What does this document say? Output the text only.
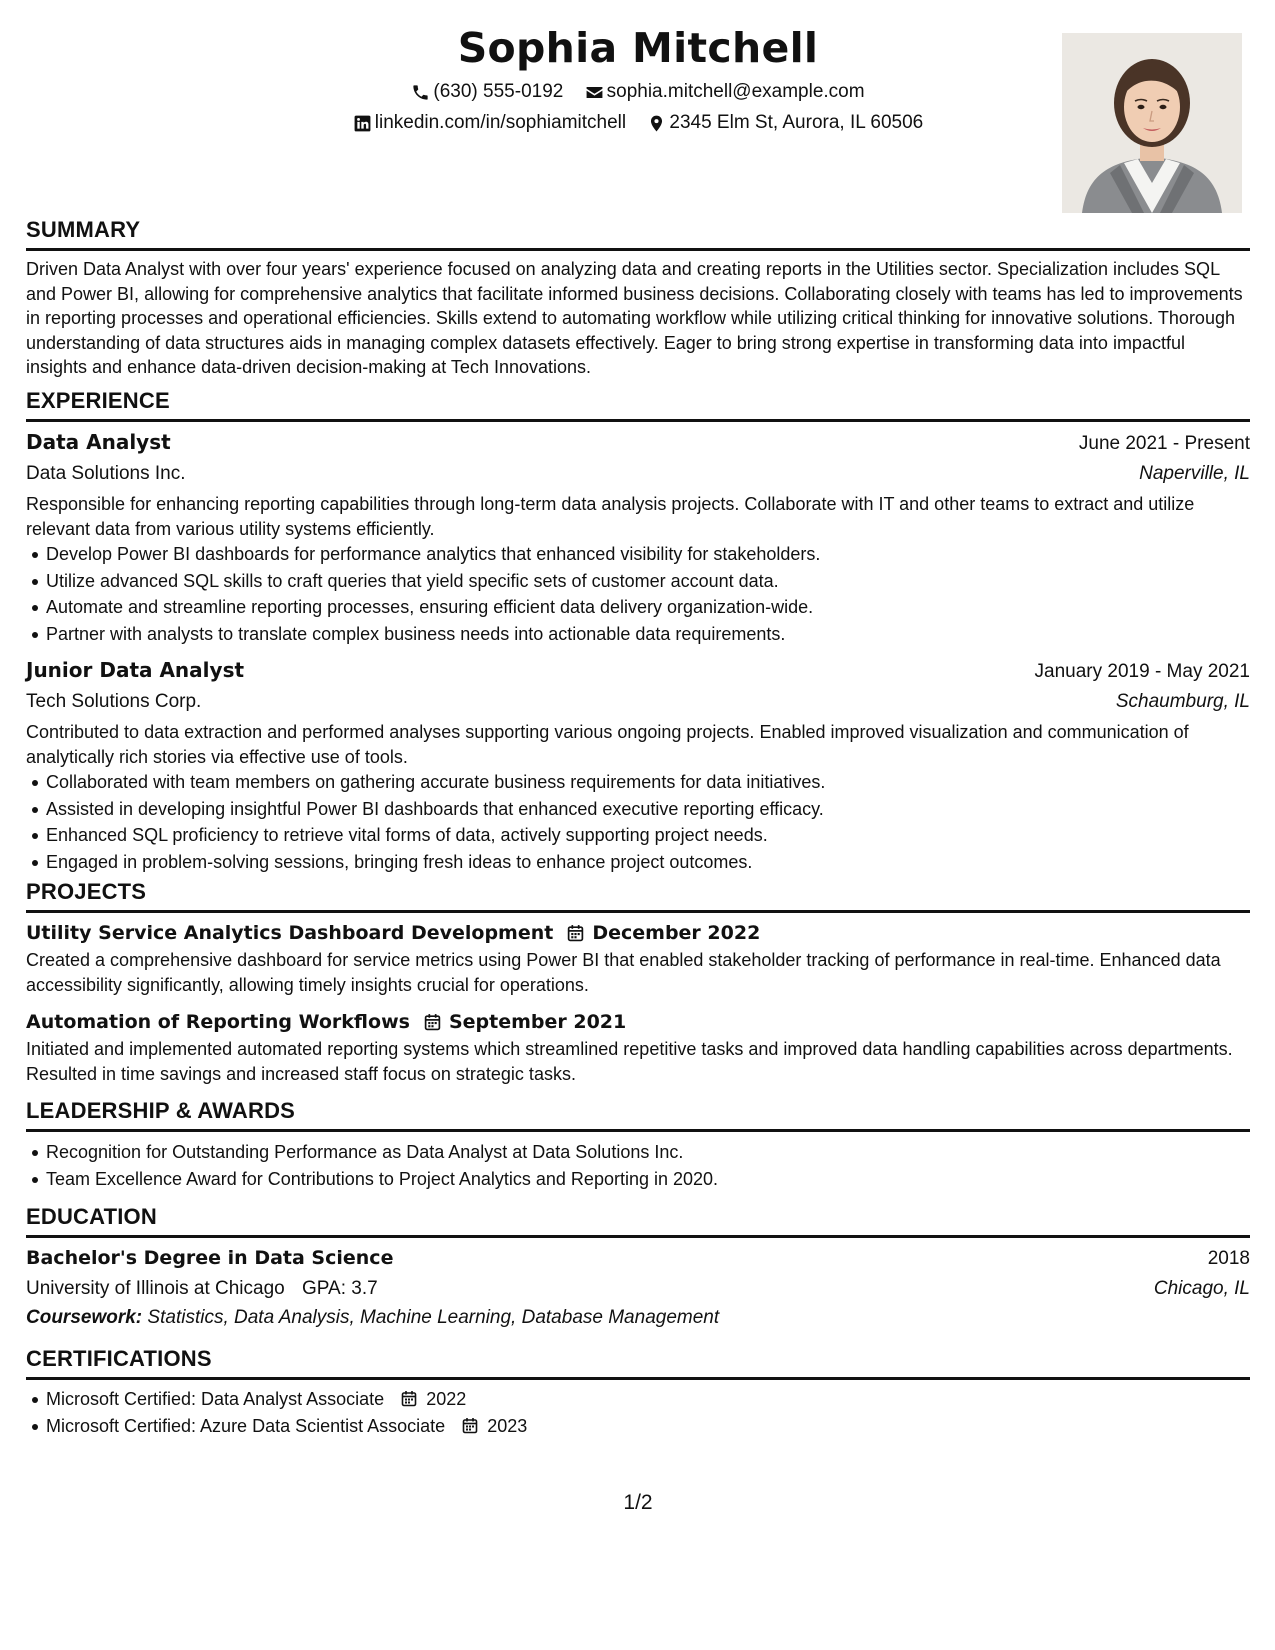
Sophia Mitchell
(630) 555-0192
sophia.mitchell@example.com
linkedin.com/in/sophiamitchell
2345 Elm St, Aurora, IL 60506
SUMMARY
Driven Data Analyst with over four years' experience focused on analyzing data and creating reports in the Utilities sector. Specialization includes SQL and Power BI, allowing for comprehensive analytics that facilitate informed business decisions. Collaborating closely with teams has led to improvements in reporting processes and operational efficiencies. Skills extend to automating workflow while utilizing critical thinking for innovative solutions. Thorough understanding of data structures aids in managing complex datasets effectively. Eager to bring strong expertise in transforming data into impactful insights and enhance data-driven decision-making at Tech Innovations.
EXPERIENCE
Data Analyst	June 2021 - Present
Data Solutions Inc.	Naperville, IL
Responsible for enhancing reporting capabilities through long-term data analysis projects. Collaborate with IT and other teams to extract and utilize relevant data from various utility systems efficiently.
Develop Power BI dashboards for performance analytics that enhanced visibility for stakeholders.
Utilize advanced SQL skills to craft queries that yield specific sets of customer account data.
Automate and streamline reporting processes, ensuring efficient data delivery organization-wide.
Partner with analysts to translate complex business needs into actionable data requirements.
Junior Data Analyst	January 2019 - May 2021
Tech Solutions Corp.	Schaumburg, IL
Contributed to data extraction and performed analyses supporting various ongoing projects. Enabled improved visualization and communication of analytically rich stories via effective use of tools.
Collaborated with team members on gathering accurate business requirements for data initiatives.
Assisted in developing insightful Power BI dashboards that enhanced executive reporting efficacy.
Enhanced SQL proficiency to retrieve vital forms of data, actively supporting project needs.
Engaged in problem-solving sessions, bringing fresh ideas to enhance project outcomes.
PROJECTS
Utility Service Analytics Dashboard Development December 2022
Created a comprehensive dashboard for service metrics using Power BI that enabled stakeholder tracking of performance in real-time. Enhanced data accessibility significantly, allowing timely insights crucial for operations.
Automation of Reporting Workflows September 2021
Initiated and implemented automated reporting systems which streamlined repetitive tasks and improved data handling capabilities across departments. Resulted in time savings and increased staff focus on strategic tasks.
LEADERSHIP & AWARDS
Recognition for Outstanding Performance as Data Analyst at Data Solutions Inc.
Team Excellence Award for Contributions to Project Analytics and Reporting in 2020.
EDUCATION
Bachelor's Degree in Data Science	2018
University of Illinois at Chicago GPA: 3.7	Chicago, IL
Coursework: Statistics, Data Analysis, Machine Learning, Database Management
CERTIFICATIONS
Microsoft Certified: Data Analyst Associate 2022
Microsoft Certified: Azure Data Scientist Associate 2023
1/2
